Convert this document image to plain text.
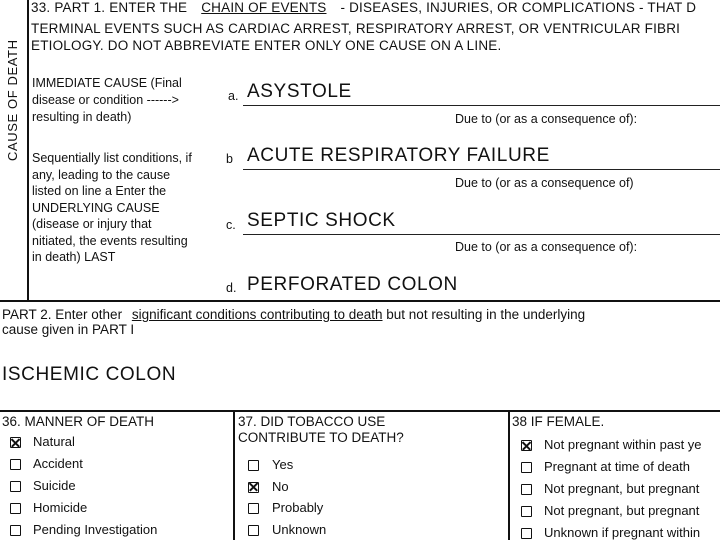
CAUSE OF DEATH
33. PART 1. ENTER THE CHAIN OF EVENTS - DISEASES, INJURIES, OR COMPLICATIONS - THAT D
TERMINAL EVENTS SUCH AS CARDIAC ARREST, RESPIRATORY ARREST, OR VENTRICULAR FIBRI
ETIOLOGY. DO NOT ABBREVIATE ENTER ONLY ONE CAUSE ON A LINE.
IMMEDIATE CAUSE (Final
disease or condition ------>
resulting in death)
Sequentially list conditions, if
any, leading to the cause
listed on line a Enter the
UNDERLYING CAUSE
(disease or injury that
nitiated, the events resulting
in death) LAST
a. ASYSTOLE
Due to (or as a consequence of):
b ACUTE RESPIRATORY FAILURE
Due to (or as a consequence of)
c. SEPTIC SHOCK
Due to (or as a consequence of):
d. PERFORATED COLON
PART 2. Enter other significant conditions contributing to death but not resulting in the underlying
cause given in PART I
ISCHEMIC COLON
36. MANNER OF DEATH
Natural
Accident
Suicide
Homicide
Pending Investigation
37. DID TOBACCO USE
CONTRIBUTE TO DEATH?
Yes
No
Probably
Unknown
38 IF FEMALE.
Not pregnant within past ye
Pregnant at time of death
Not pregnant, but pregnant
Not pregnant, but pregnant
Unknown if pregnant within
